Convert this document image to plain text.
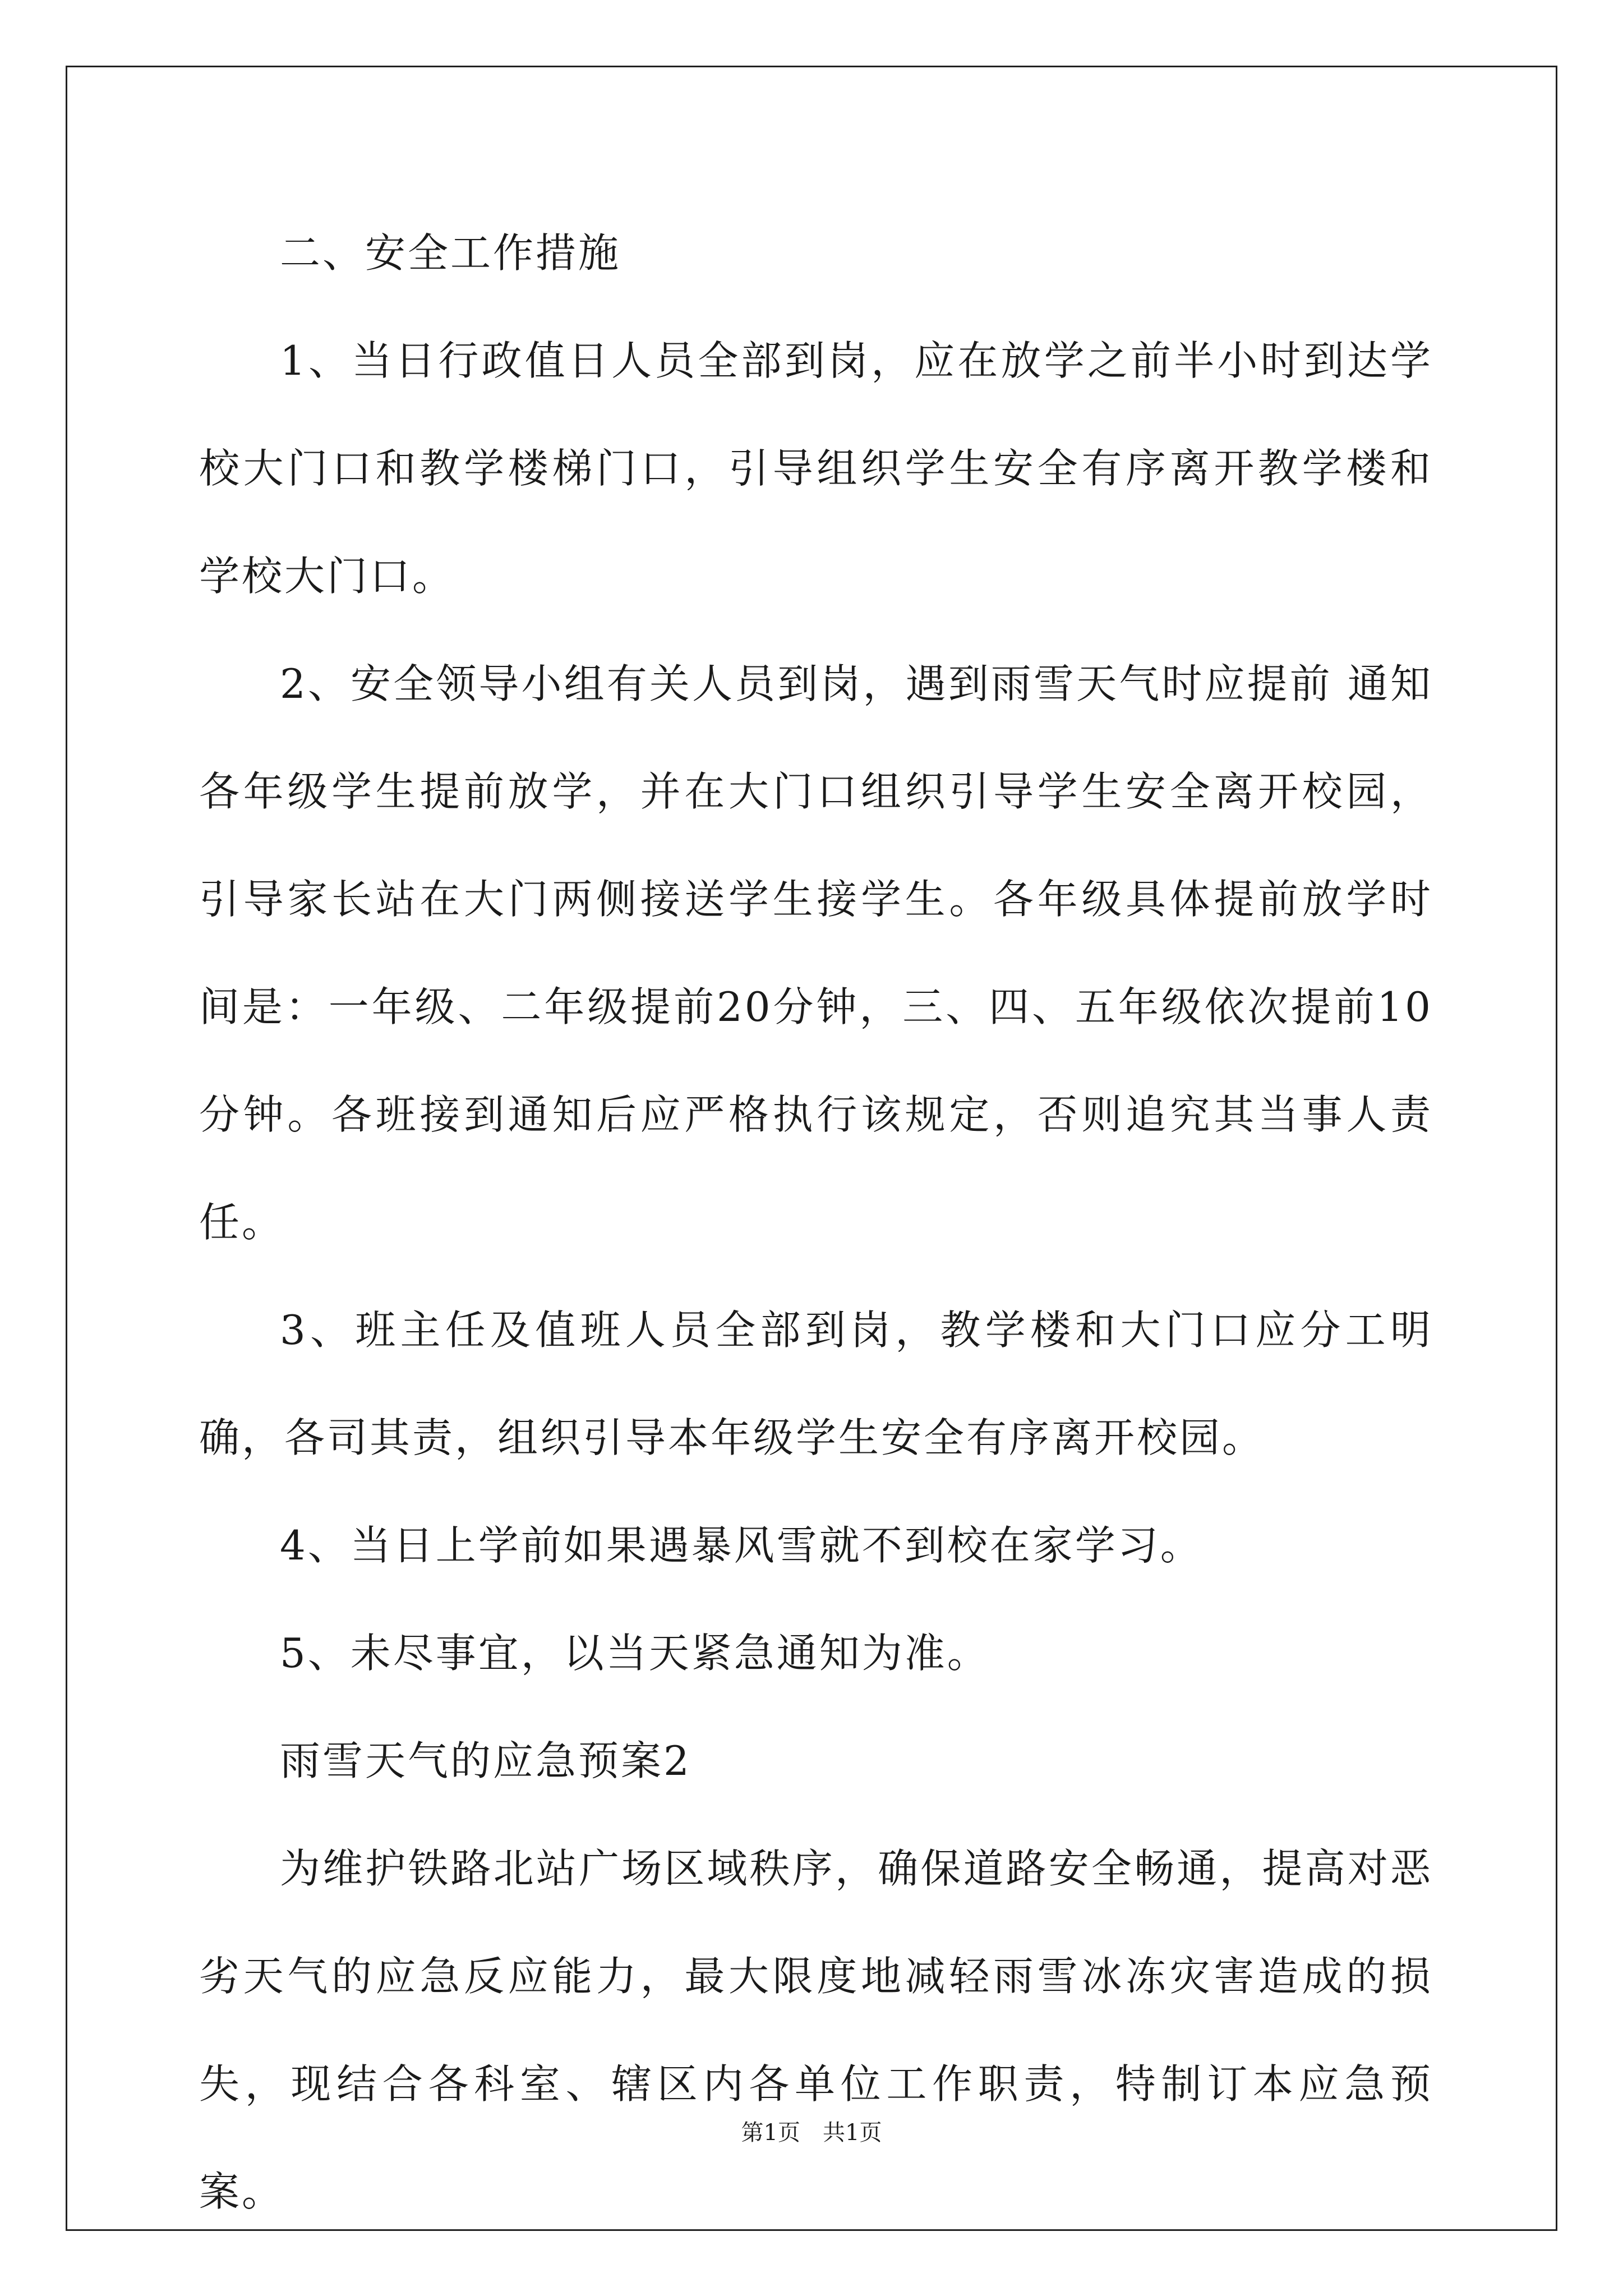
二、安全工作措施

1、当日行政值日人员全部到岗，应在放学之前半小时到达学校大门口和教学楼梯门口，引导组织学生安全有序离开教学楼和学校大门口。

2、安全领导小组有关人员到岗，遇到雨雪天气时应提前 通知各年级学生提前放学，并在大门口组织引导学生安全离开校园，引导家长站在大门两侧接送学生接学生。各年级具体提前放学时间是：一年级、二年级提前20分钟，三、四、五年级依次提前10分钟。各班接到通知后应严格执行该规定，否则追究其当事人责任。

3、班主任及值班人员全部到岗，教学楼和大门口应分工明确，各司其责，组织引导本年级学生安全有序离开校园。

4、当日上学前如果遇暴风雪就不到校在家学习。

5、未尽事宜，以当天紧急通知为准。

雨雪天气的应急预案2

为维护铁路北站广场区域秩序，确保道路安全畅通，提高对恶劣天气的应急反应能力，最大限度地减轻雨雪冰冻灾害造成的损失，现结合各科室、辖区内各单位工作职责，特制订本应急预案。

第1页 共1页
